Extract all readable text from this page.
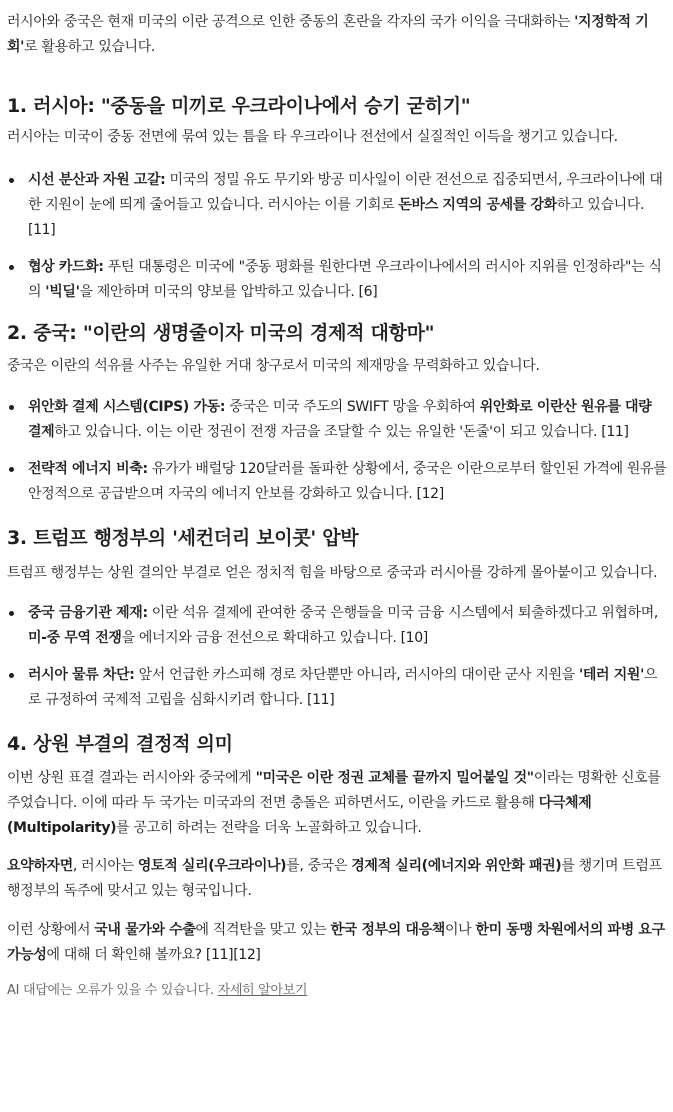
러시아와 중국은 현재 미국의 이란 공격으로 인한 중동의 혼란을 각자의 국가 이익을 극대화하는 '지정학적 기회'로 활용하고 있습니다.

1. 러시아: "중동을 미끼로 우크라이나에서 승기 굳히기"

러시아는 미국이 중동 전면에 묶여 있는 틈을 타 우크라이나 전선에서 실질적인 이득을 챙기고 있습니다.

시선 분산과 자원 고갈: 미국의 정밀 유도 무기와 방공 미사일이 이란 전선으로 집중되면서, 우크라이나에 대한 지원이 눈에 띄게 줄어들고 있습니다. 러시아는 이를 기회로 돈바스 지역의 공세를 강화하고 있습니다. [11]
협상 카드화: 푸틴 대통령은 미국에 "중동 평화를 원한다면 우크라이나에서의 러시아 지위를 인정하라"는 식의 '빅딜'을 제안하며 미국의 양보를 압박하고 있습니다. [6]
2. 중국: "이란의 생명줄이자 미국의 경제적 대항마"

중국은 이란의 석유를 사주는 유일한 거대 창구로서 미국의 제재망을 무력화하고 있습니다.

위안화 결제 시스템(CIPS) 가동: 중국은 미국 주도의 SWIFT 망을 우회하여 위안화로 이란산 원유를 대량 결제하고 있습니다. 이는 이란 정권이 전쟁 자금을 조달할 수 있는 유일한 '돈줄'이 되고 있습니다. [11]
전략적 에너지 비축: 유가가 배럴당 120달러를 돌파한 상황에서, 중국은 이란으로부터 할인된 가격에 원유를 안정적으로 공급받으며 자국의 에너지 안보를 강화하고 있습니다. [12]
3. 트럼프 행정부의 '세컨더리 보이콧' 압박

트럼프 행정부는 상원 결의안 부결로 얻은 정치적 힘을 바탕으로 중국과 러시아를 강하게 몰아붙이고 있습니다.

중국 금융기관 제재: 이란 석유 결제에 관여한 중국 은행들을 미국 금융 시스템에서 퇴출하겠다고 위협하며, 미-중 무역 전쟁을 에너지와 금융 전선으로 확대하고 있습니다. [10]
러시아 물류 차단: 앞서 언급한 카스피해 경로 차단뿐만 아니라, 러시아의 대이란 군사 지원을 '테러 지원'으로 규정하여 국제적 고립을 심화시키려 합니다. [11]
4. 상원 부결의 결정적 의미

이번 상원 표결 결과는 러시아와 중국에게 "미국은 이란 정권 교체를 끝까지 밀어붙일 것"이라는 명확한 신호를 주었습니다. 이에 따라 두 국가는 미국과의 전면 충돌은 피하면서도, 이란을 카드로 활용해 다극체제(Multipolarity)를 공고히 하려는 전략을 더욱 노골화하고 있습니다.

요약하자면, 러시아는 영토적 실리(우크라이나)를, 중국은 경제적 실리(에너지와 위안화 패권)를 챙기며 트럼프 행정부의 독주에 맞서고 있는 형국입니다.

이런 상황에서 국내 물가와 수출에 직격탄을 맞고 있는 한국 정부의 대응책이나 한미 동맹 차원에서의 파병 요구 가능성에 대해 더 확인해 볼까요? [11][12]

AI 대답에는 오류가 있을 수 있습니다. 자세히 알아보기
